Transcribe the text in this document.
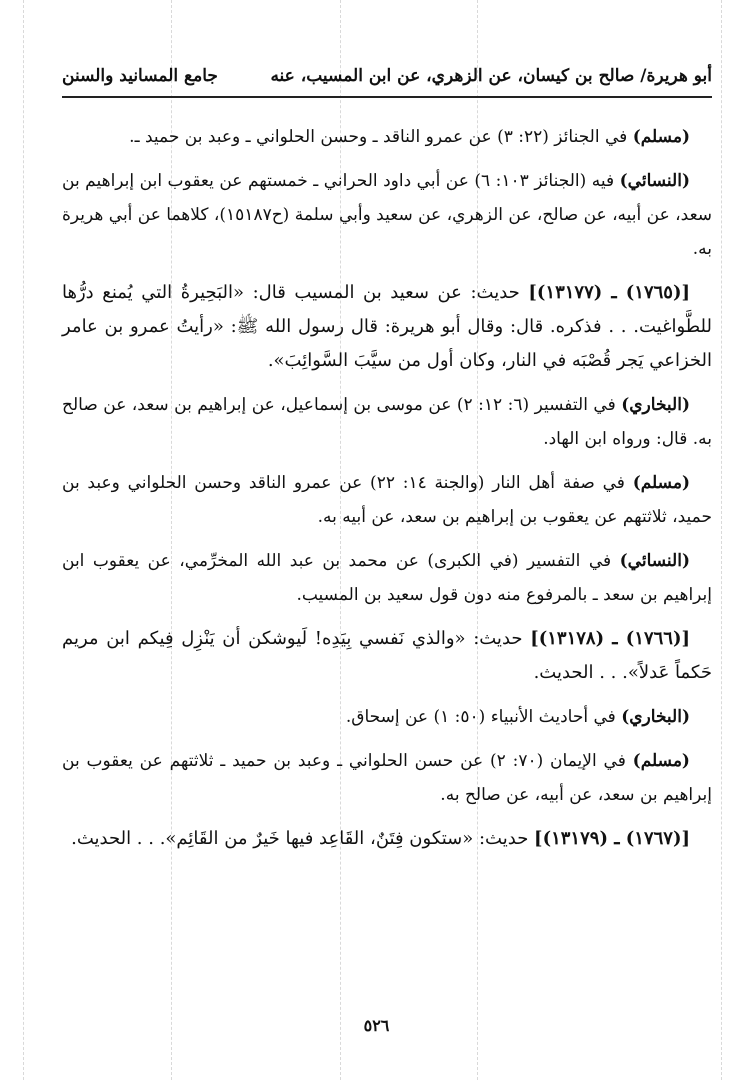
أبو هريرة/ صالح بن كيسان، عن الزهري، عن ابن المسيب، عنه
جامع المسانيد والسنن

(مسلم) في الجنائز (٢٢: ٣) عن عمرو الناقد ـ وحسن الحلواني ـ وعبد بن حميد ـ.

(النسائي) فيه (الجنائز ١٠٣: ٦) عن أبي داود الحراني ـ خمستهم عن يعقوب ابن إبراهيم بن سعد، عن أبيه، عن صالح، عن الزهري، عن سعيد وأبي سلمة (ح١٥١٨٧)، كلاهما عن أبي هريرة به.

[(١٧٦٥) ـ (١٣١٧٧)] حديث: عن سعيد بن المسيب قال: «البَحِيرةُ التي يُمنع درُّها للطَّواغيت. . . فذكره. قال: وقال أبو هريرة: قال رسول الله ﷺ: «رأيتُ عمرو بن عامر الخزاعي يَجر قُصْبَه في النار، وكان أول من سيَّبَ السَّوائِبَ».

(البخاري) في التفسير (٦: ١٢: ٢) عن موسى بن إسماعيل، عن إبراهيم بن سعد، عن صالح به. قال: ورواه ابن الهاد.

(مسلم) في صفة أهل النار (والجنة ١٤: ٢٢) عن عمرو الناقد وحسن الحلواني وعبد بن حميد، ثلاثتهم عن يعقوب بن إبراهيم بن سعد، عن أبيه به.

(النسائي) في التفسير (في الكبرى) عن محمد بن عبد الله المخرِّمي، عن يعقوب ابن إبراهيم بن سعد ـ بالمرفوع منه دون قول سعيد بن المسيب.

[(١٧٦٦) ـ (١٣١٧٨)] حديث: «والذي نَفسي بِيَدِه! لَيوشكن أن يَنْزِل فِيكم ابن مريم حَكماً عَدلاً». . . الحديث.

(البخاري) في أحاديث الأنبياء (٥٠: ١) عن إسحاق.

(مسلم) في الإيمان (٧٠: ٢) عن حسن الحلواني ـ وعبد بن حميد ـ ثلاثتهم عن يعقوب بن إبراهيم بن سعد، عن أبيه، عن صالح به.

[(١٧٦٧) ـ (١٣١٧٩)] حديث: «ستكون فِتَنٌ، القَاعِد فيها خَيرٌ من القَائِم». . . الحديث.

٥٢٦
